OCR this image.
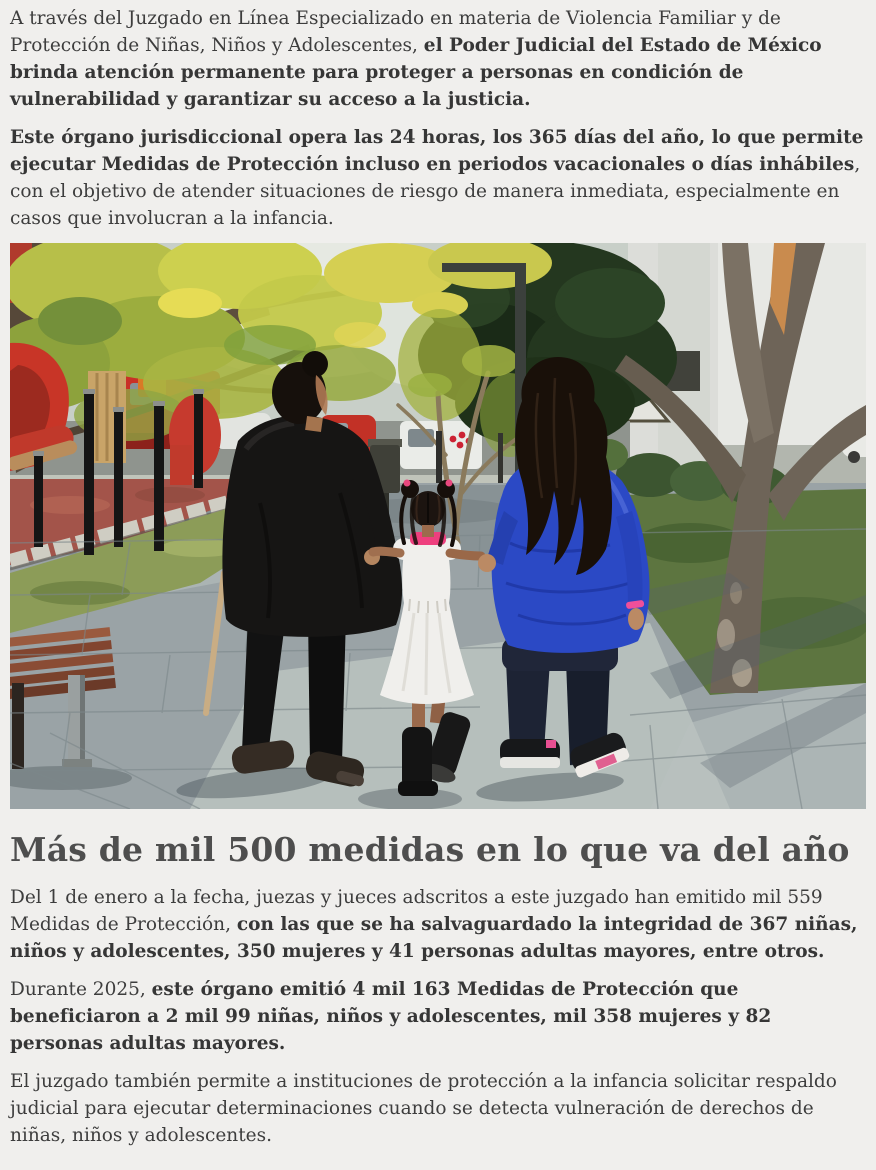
A través del Juzgado en Línea Especializado en materia de Violencia Familiar y de Protección de Niñas, Niños y Adolescentes, el Poder Judicial del Estado de México brinda atención permanente para proteger a personas en condición de vulnerabilidad y garantizar su acceso a la justicia.

Este órgano jurisdiccional opera las 24 horas, los 365 días del año, lo que permite ejecutar Medidas de Protección incluso en periodos vacacionales o días inhábiles, con el objetivo de atender situaciones de riesgo de manera inmediata, especialmente en casos que involucran a la infancia.

Más de mil 500 medidas en lo que va del año

Del 1 de enero a la fecha, juezas y jueces adscritos a este juzgado han emitido mil 559 Medidas de Protección, con las que se ha salvaguardado la integridad de 367 niñas, niños y adolescentes, 350 mujeres y 41 personas adultas mayores, entre otros.

Durante 2025, este órgano emitió 4 mil 163 Medidas de Protección que beneficiaron a 2 mil 99 niñas, niños y adolescentes, mil 358 mujeres y 82 personas adultas mayores.

El juzgado también permite a instituciones de protección a la infancia solicitar respaldo judicial para ejecutar determinaciones cuando se detecta vulneración de derechos de niñas, niños y adolescentes.
